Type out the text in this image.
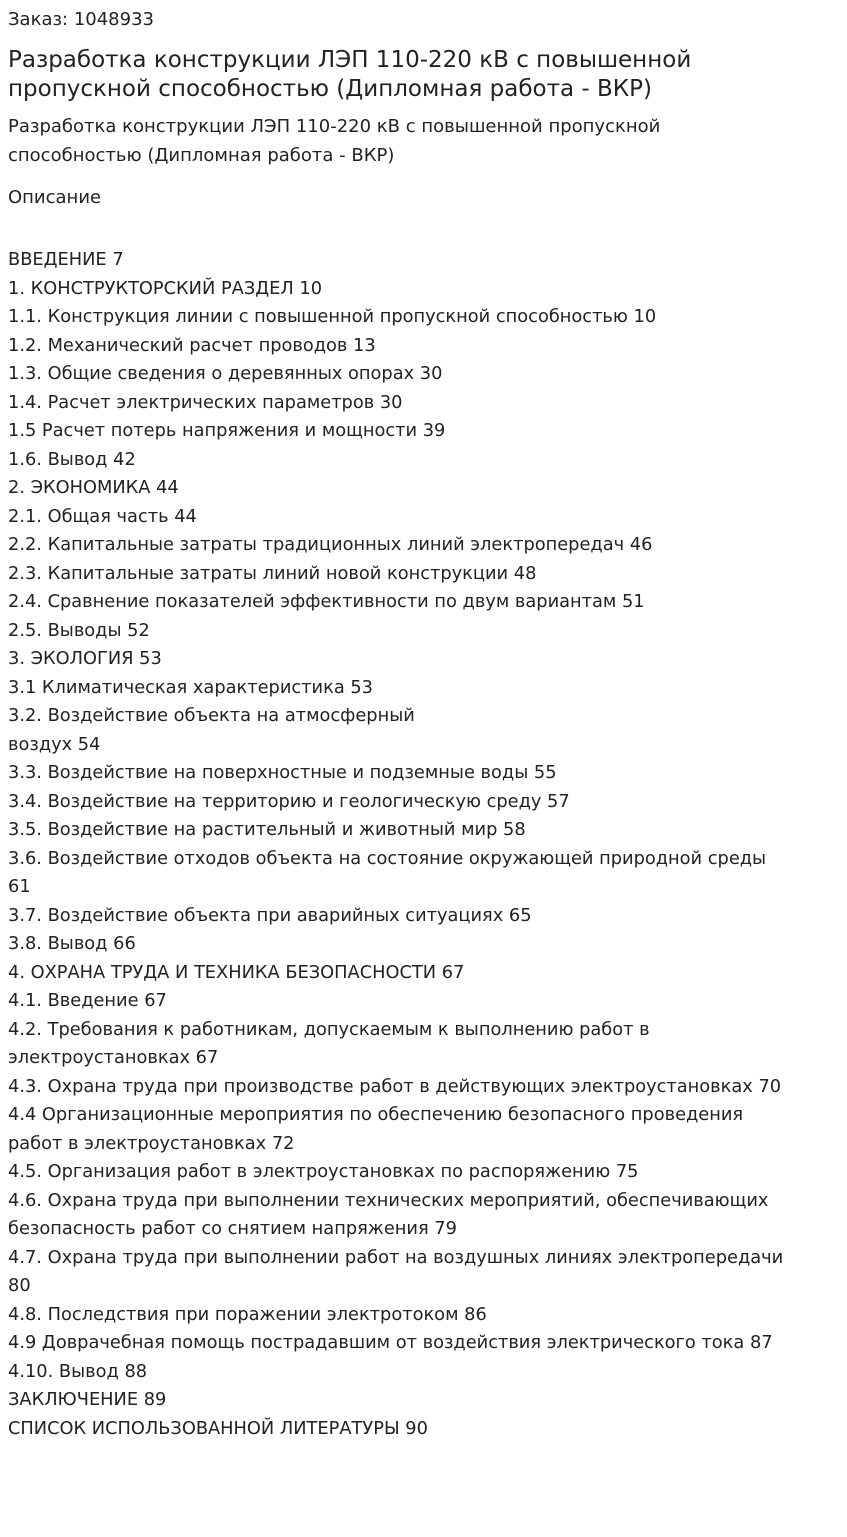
Заказ: 1048933
Разработка конструкции ЛЭП 110-220 кВ с повышенной пропускной способностью (Дипломная работа - ВКР)

Разработка конструкции ЛЭП 110-220 кВ с повышенной пропускной способностью (Дипломная работа - ВКР)

Описание
ВВЕДЕНИЕ 7
1. КОНСТРУКТОРСКИЙ РАЗДЕЛ 10
1.1. Конструкция линии с повышенной пропускной способностью 10
1.2. Механический расчет проводов 13
1.3. Общие сведения о деревянных опорах 30
1.4. Расчет электрических параметров 30
1.5 Расчет потерь напряжения и мощности 39
1.6. Вывод 42
2. ЭКОНОМИКА 44
2.1. Общая часть 44
2.2. Капитальные затраты традиционных линий электропередач 46
2.3. Капитальные затраты линий новой конструкции 48
2.4. Сравнение показателей эффективности по двум вариантам 51
2.5. Выводы 52
3. ЭКОЛОГИЯ 53
3.1 Климатическая характеристика 53
3.2. Воздействие объекта на атмосферный
воздух 54
3.3. Воздействие на поверхностные и подземные воды 55
3.4. Воздействие на территорию и геологическую среду 57
3.5. Воздействие на растительный и животный мир 58
3.6. Воздействие отходов объекта на состояние окружающей природной среды
61
3.7. Воздействие объекта при аварийных ситуациях 65
3.8. Вывод 66
4. ОХРАНА ТРУДА И ТЕХНИКА БЕЗОПАСНОСТИ 67
4.1. Введение 67
4.2. Требования к работникам, допускаемым к выполнению работ в
электроустановках 67
4.3. Охрана труда при производстве работ в действующих электроустановках 70
4.4 Организационные мероприятия по обеспечению безопасного проведения
работ в электроустановках 72
4.5. Организация работ в электроустановках по распоряжению 75
4.6. Охрана труда при выполнении технических мероприятий, обеспечивающих
безопасность работ со снятием напряжения 79
4.7. Охрана труда при выполнении работ на воздушных линиях электропередачи
80
4.8. Последствия при поражении электротоком 86
4.9 Доврачебная помощь пострадавшим от воздействия электрического тока 87
4.10. Вывод 88
ЗАКЛЮЧЕНИЕ 89
СПИСОК ИСПОЛЬЗОВАННОЙ ЛИТЕРАТУРЫ 90
